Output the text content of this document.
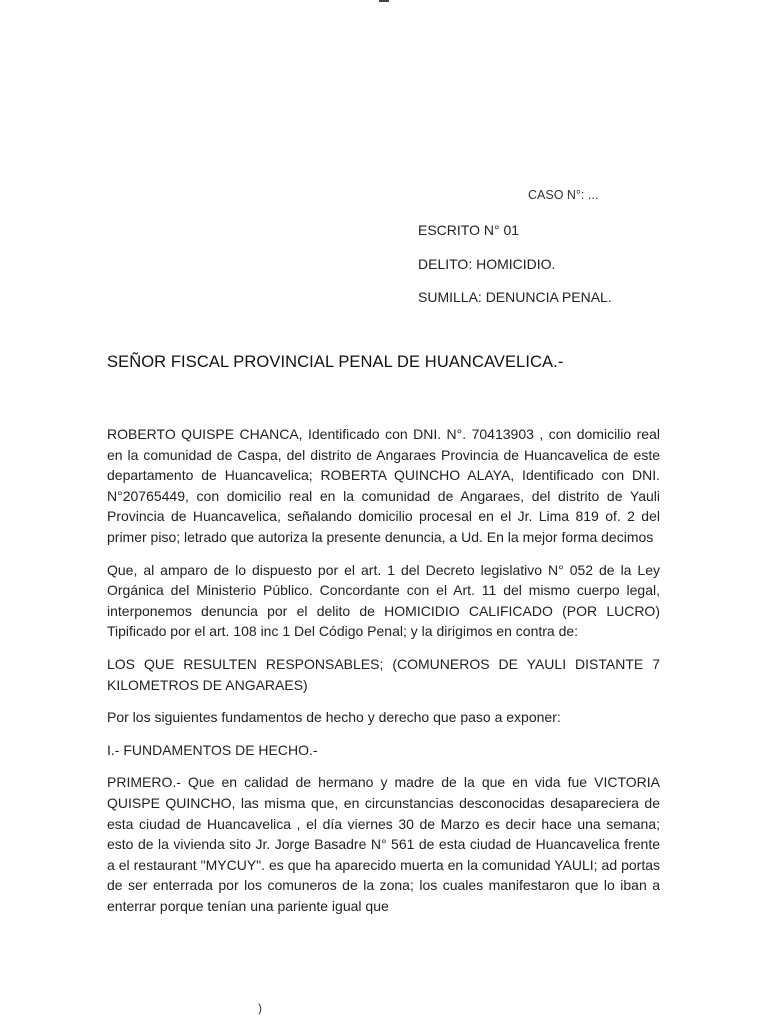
CASO N°: ...
ESCRITO N° 01
DELITO: HOMICIDIO.
SUMILLA: DENUNCIA PENAL.
SEÑOR FISCAL PROVINCIAL PENAL DE HUANCAVELICA.-

ROBERTO QUISPE CHANCA, Identificado con DNI. N°. 70413903 , con domicilio real en la comunidad de Caspa, del distrito de Angaraes Provincia de Huancavelica de este departamento de Huancavelica; ROBERTA QUINCHO ALAYA, Identificado con DNI. N°20765449, con domicilio real en la comunidad de Angaraes, del distrito de Yauli Provincia de Huancavelica, señalando domicilio procesal en el Jr. Lima 819 of. 2 del primer piso; letrado que autoriza la presente denuncia, a Ud. En la mejor forma decimos

Que, al amparo de lo dispuesto por el art. 1 del Decreto legislativo N° 052 de la Ley Orgánica del Ministerio Público. Concordante con el Art. 11 del mismo cuerpo legal, interponemos denuncia por el delito de HOMICIDIO CALIFICADO (POR LUCRO) Tipificado por el art. 108 inc 1 Del Código Penal; y la dirigimos en contra de:

LOS QUE RESULTEN RESPONSABLES; (COMUNEROS DE YAULI DISTANTE 7 KILOMETROS DE ANGARAES)

Por los siguientes fundamentos de hecho y derecho que paso a exponer:

I.- FUNDAMENTOS DE HECHO.-

PRIMERO.- Que en calidad de hermano y madre de la que en vida fue VICTORIA QUISPE QUINCHO, las misma que, en circunstancias desconocidas desapareciera de esta ciudad de Huancavelica , el día viernes 30 de Marzo es decir hace una semana; esto de la vivienda sito Jr. Jorge Basadre N° 561 de esta ciudad de Huancavelica frente a el restaurant "MYCUY". es que ha aparecido muerta en la comunidad YAULI; ad portas de ser enterrada por los comuneros de la zona; los cuales manifestaron que lo iban a enterrar porque tenían una pariente igual que

)
